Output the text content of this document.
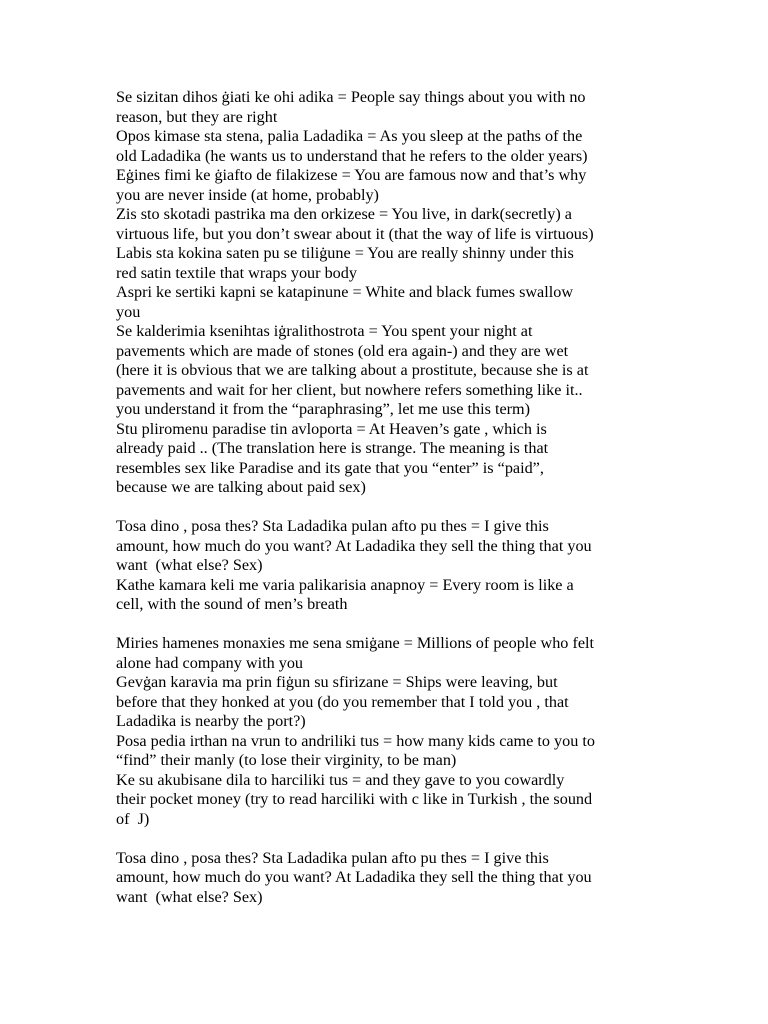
Se sizitan dihos ġiati ke ohi adika = People say things about you with no
reason, but they are right
Opos kimase sta stena, palia Ladadika = As you sleep at the paths of the
old Ladadika (he wants us to understand that he refers to the older years)
Eġines fimi ke ġiafto de filakizese = You are famous now and that’s why
you are never inside (at home, probably)
Zis sto skotadi pastrika ma den orkizese = You live, in dark(secretly) a
virtuous life, but you don’t swear about it (that the way of life is virtuous)
Labis sta kokina saten pu se tiliġune = You are really shinny under this
red satin textile that wraps your body
Aspri ke sertiki kapni se katapinune = White and black fumes swallow
you
Se kalderimia ksenihtas iġralithostrota = You spent your night at
pavements which are made of stones (old era again-) and they are wet
(here it is obvious that we are talking about a prostitute, because she is at
pavements and wait for her client, but nowhere refers something like it..
you understand it from the “paraphrasing”, let me use this term)
Stu pliromenu paradise tin avloporta = At Heaven’s gate , which is
already paid .. (The translation here is strange. The meaning is that
resembles sex like Paradise and its gate that you “enter” is “paid”,
because we are talking about paid sex)
Tosa dino , posa thes? Sta Ladadika pulan afto pu thes = I give this
amount, how much do you want? At Ladadika they sell the thing that you
want  (what else? Sex)
Kathe kamara keli me varia palikarisia anapnoy = Every room is like a
cell, with the sound of men’s breath
Miries hamenes monaxies me sena smiġane = Millions of people who felt
alone had company with you
Gevġan karavia ma prin fiġun su sfirizane = Ships were leaving, but
before that they honked at you (do you remember that I told you , that
Ladadika is nearby the port?)
Posa pedia irthan na vrun to andriliki tus = how many kids came to you to
“find” their manly (to lose their virginity, to be man)
Ke su akubisane dila to harciliki tus = and they gave to you cowardly
their pocket money (try to read harciliki with c like in Turkish , the sound
of  J)
Tosa dino , posa thes? Sta Ladadika pulan afto pu thes = I give this
amount, how much do you want? At Ladadika they sell the thing that you
want  (what else? Sex)
